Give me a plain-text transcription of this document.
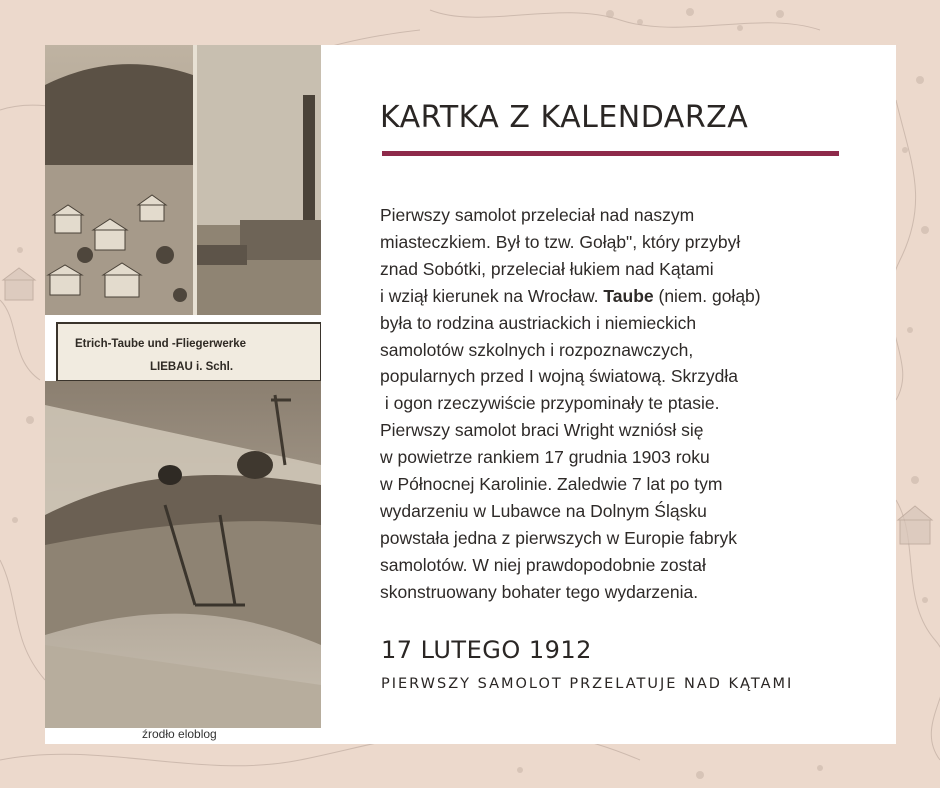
Etrich-Taube und -Fliegerwerke
LIEBAU i. Schl.
źrodło eloblog
KARTKA Z KALENDARZA
Pierwszy samolot przeleciał nad naszym
miasteczkiem. Był to tzw. Gołąb", który przybył
znad Sobótki, przeleciał łukiem nad Kątami
i wziął kierunek na Wrocław. Taube (niem. gołąb)
była to rodzina austriackich i niemieckich
samolotów szkolnych i rozpoznawczych,
popularnych przed I wojną światową. Skrzydła
i ogon rzeczywiście przypominały te ptasie.
Pierwszy samolot braci Wright wzniósł się
w powietrze rankiem 17 grudnia 1903 roku
w Północnej Karolinie. Zaledwie 7 lat po tym
wydarzeniu w Lubawce na Dolnym Śląsku
powstała jedna z pierwszych w Europie fabryk
samolotów. W niej prawdopodobnie został
skonstruowany bohater tego wydarzenia.
17 LUTEGO 1912
PIERWSZY SAMOLOT PRZELATUJE NAD KĄTAMI
